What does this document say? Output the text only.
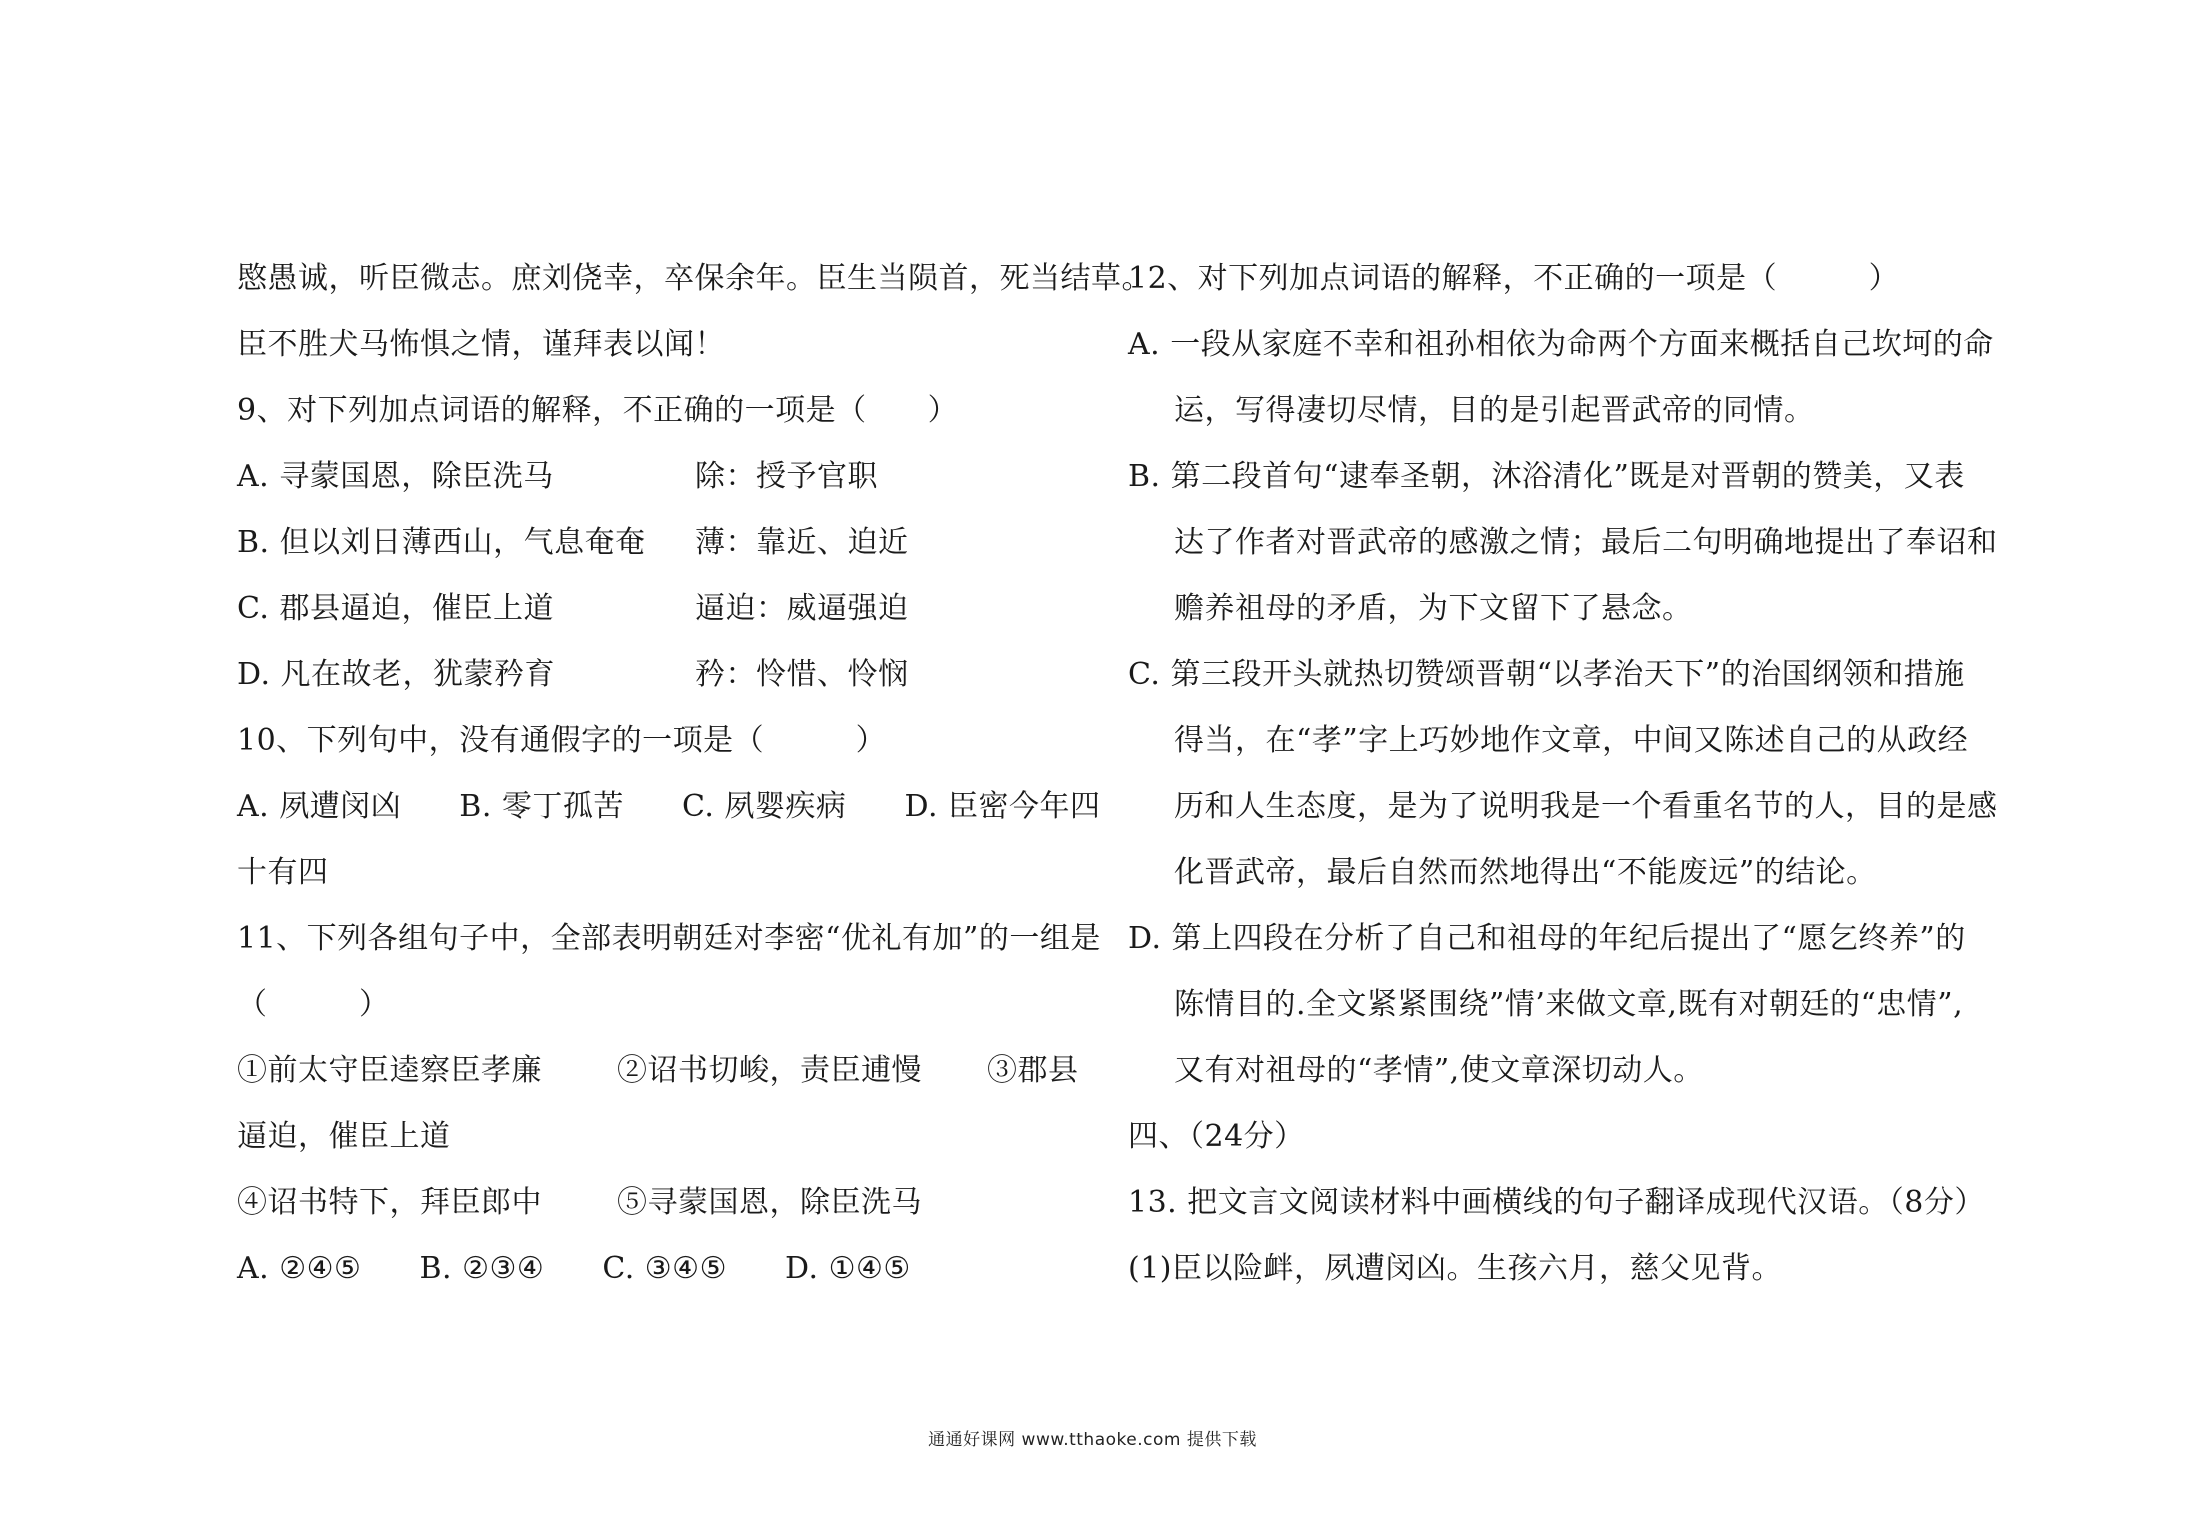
愍愚诚，听臣微志。庶刘侥幸，卒保余年。臣生当陨首，死当结草。
臣不胜犬马怖惧之情，谨拜表以闻！
9、对下列加点词语的解释，不正确的一项是（　　）
A. 寻蒙国恩，除臣洗马	除：授予官职
B. 但以刘日薄西山，气息奄奄	薄：靠近、迫近
C. 郡县逼迫，催臣上道	逼迫：威逼强迫
D. 凡在故老，犹蒙矜育	矜：怜惜、怜悯
10、下列句中，没有通假字的一项是（　　　）
A. 夙遭闵凶 B. 零丁孤苦 C. 夙婴疾病 D. 臣密今年四
十有四
11、下列各组句子中，全部表明朝廷对李密“优礼有加”的一组是
（　　　）
①前太守臣逵察臣孝廉	②诏书切峻，责臣逋慢 ③郡县
逼迫，催臣上道
④诏书特下，拜臣郎中	⑤寻蒙国恩，除臣洗马
A. ②④⑤ B. ②③④ C. ③④⑤ D. ①④⑤
12、对下列加点词语的解释，不正确的一项是（　　　）
A. 一段从家庭不幸和祖孙相依为命两个方面来概括自己坎坷的命
运，写得凄切尽情，目的是引起晋武帝的同情。
B. 第二段首句“逮奉圣朝，沐浴清化”既是对晋朝的赞美，又表
达了作者对晋武帝的感激之情；最后二句明确地提出了奉诏和
赡养祖母的矛盾，为下文留下了悬念。
C. 第三段开头就热切赞颂晋朝“以孝治天下”的治国纲领和措施
得当，在“孝”字上巧妙地作文章，中间又陈述自己的从政经
历和人生态度，是为了说明我是一个看重名节的人，目的是感
化晋武帝，最后自然而然地得出“不能废远”的结论。
D. 第上四段在分析了自己和祖母的年纪后提出了“愿乞终养”的
陈情目的.全文紧紧围绕”情’来做文章,既有对朝廷的“忠情”,
又有对祖母的“孝情”,使文章深切动人。
四、（24分）
13. 把文言文阅读材料中画横线的句子翻译成现代汉语。（8分）
(1)臣以险衅，夙遭闵凶。生孩六月，慈父见背。
通通好课网 www.tthaoke.com 提供下载
